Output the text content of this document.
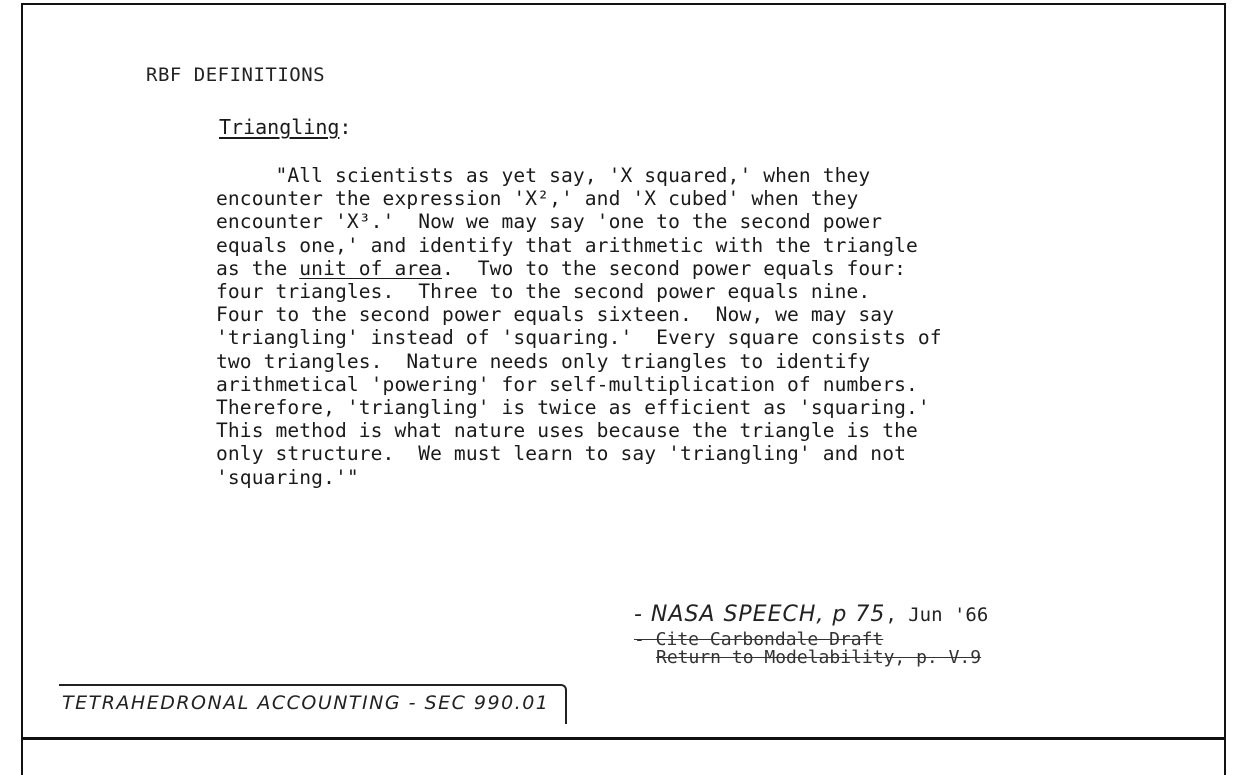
RBF DEFINITIONS
Triangling:
"All scientists as yet say, 'X squared,' when they
encounter the expression 'X²,' and 'X cubed' when they
encounter 'X³.'  Now we may say 'one to the second power
equals one,' and identify that arithmetic with the triangle
as the unit of area.  Two to the second power equals four:
four triangles.  Three to the second power equals nine.
Four to the second power equals sixteen.  Now, we may say
'triangling' instead of 'squaring.'  Every square consists of
two triangles.  Nature needs only triangles to identify
arithmetical 'powering' for self-multiplication of numbers.
Therefore, 'triangling' is twice as efficient as 'squaring.'
This method is what nature uses because the triangle is the
only structure.  We must learn to say 'triangling' and not
'squaring.'"
- NASA SPEECH, p 75, Jun '66
- Cite Carbondale Draft
Return to Modelability, p. V.9
TETRAHEDRONAL ACCOUNTING - SEC 990.01
